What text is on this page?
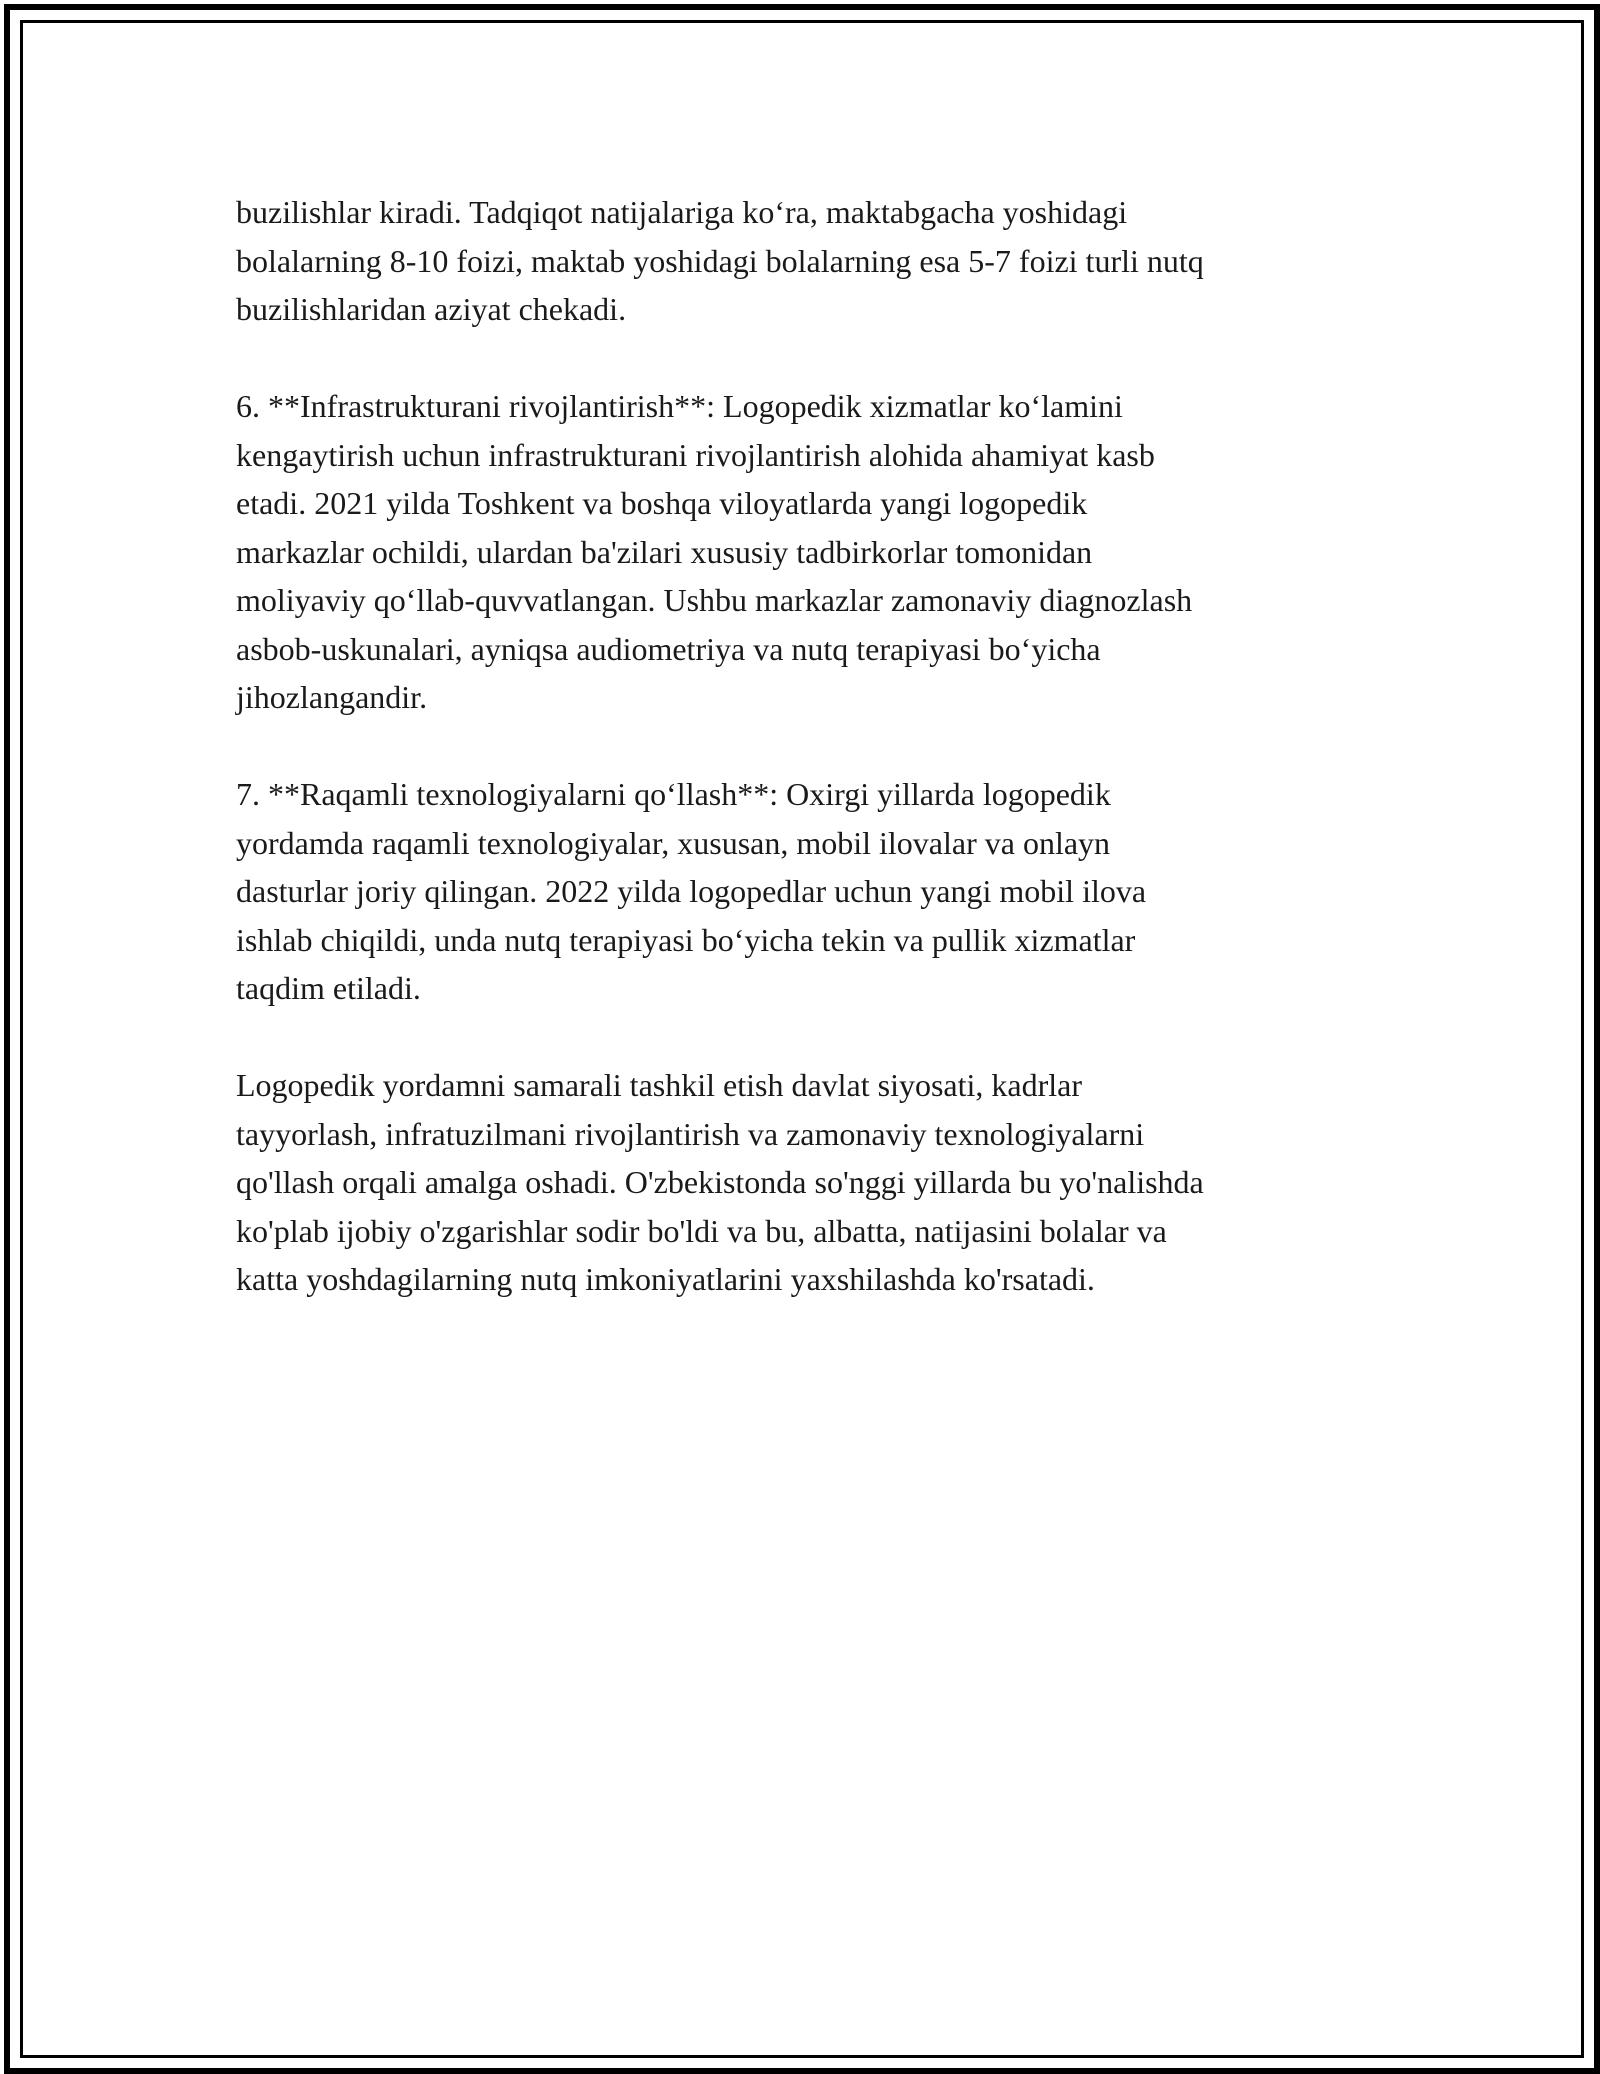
buzilishlar kiradi. Tadqiqot natijalariga ko‘ra, maktabgacha yoshidagi
bolalarning 8-10 foizi, maktab yoshidagi bolalarning esa 5-7 foizi turli nutq
buzilishlaridan aziyat chekadi.

6. **Infrastrukturani rivojlantirish**: Logopedik xizmatlar ko‘lamini
kengaytirish uchun infrastrukturani rivojlantirish alohida ahamiyat kasb
etadi. 2021 yilda Toshkent va boshqa viloyatlarda yangi logopedik
markazlar ochildi, ulardan ba'zilari xususiy tadbirkorlar tomonidan
moliyaviy qo‘llab-quvvatlangan. Ushbu markazlar zamonaviy diagnozlash
asbob-uskunalari, ayniqsa audiometriya va nutq terapiyasi bo‘yicha
jihozlangandir.

7. **Raqamli texnologiyalarni qo‘llash**: Oxirgi yillarda logopedik
yordamda raqamli texnologiyalar, xususan, mobil ilovalar va onlayn
dasturlar joriy qilingan. 2022 yilda logopedlar uchun yangi mobil ilova
ishlab chiqildi, unda nutq terapiyasi bo‘yicha tekin va pullik xizmatlar
taqdim etiladi.

Logopedik yordamni samarali tashkil etish davlat siyosati, kadrlar
tayyorlash, infratuzilmani rivojlantirish va zamonaviy texnologiyalarni
qo'llash orqali amalga oshadi. O'zbekistonda so'nggi yillarda bu yo'nalishda
ko'plab ijobiy o'zgarishlar sodir bo'ldi va bu, albatta, natijasini bolalar va
katta yoshdagilarning nutq imkoniyatlarini yaxshilashda ko'rsatadi.
